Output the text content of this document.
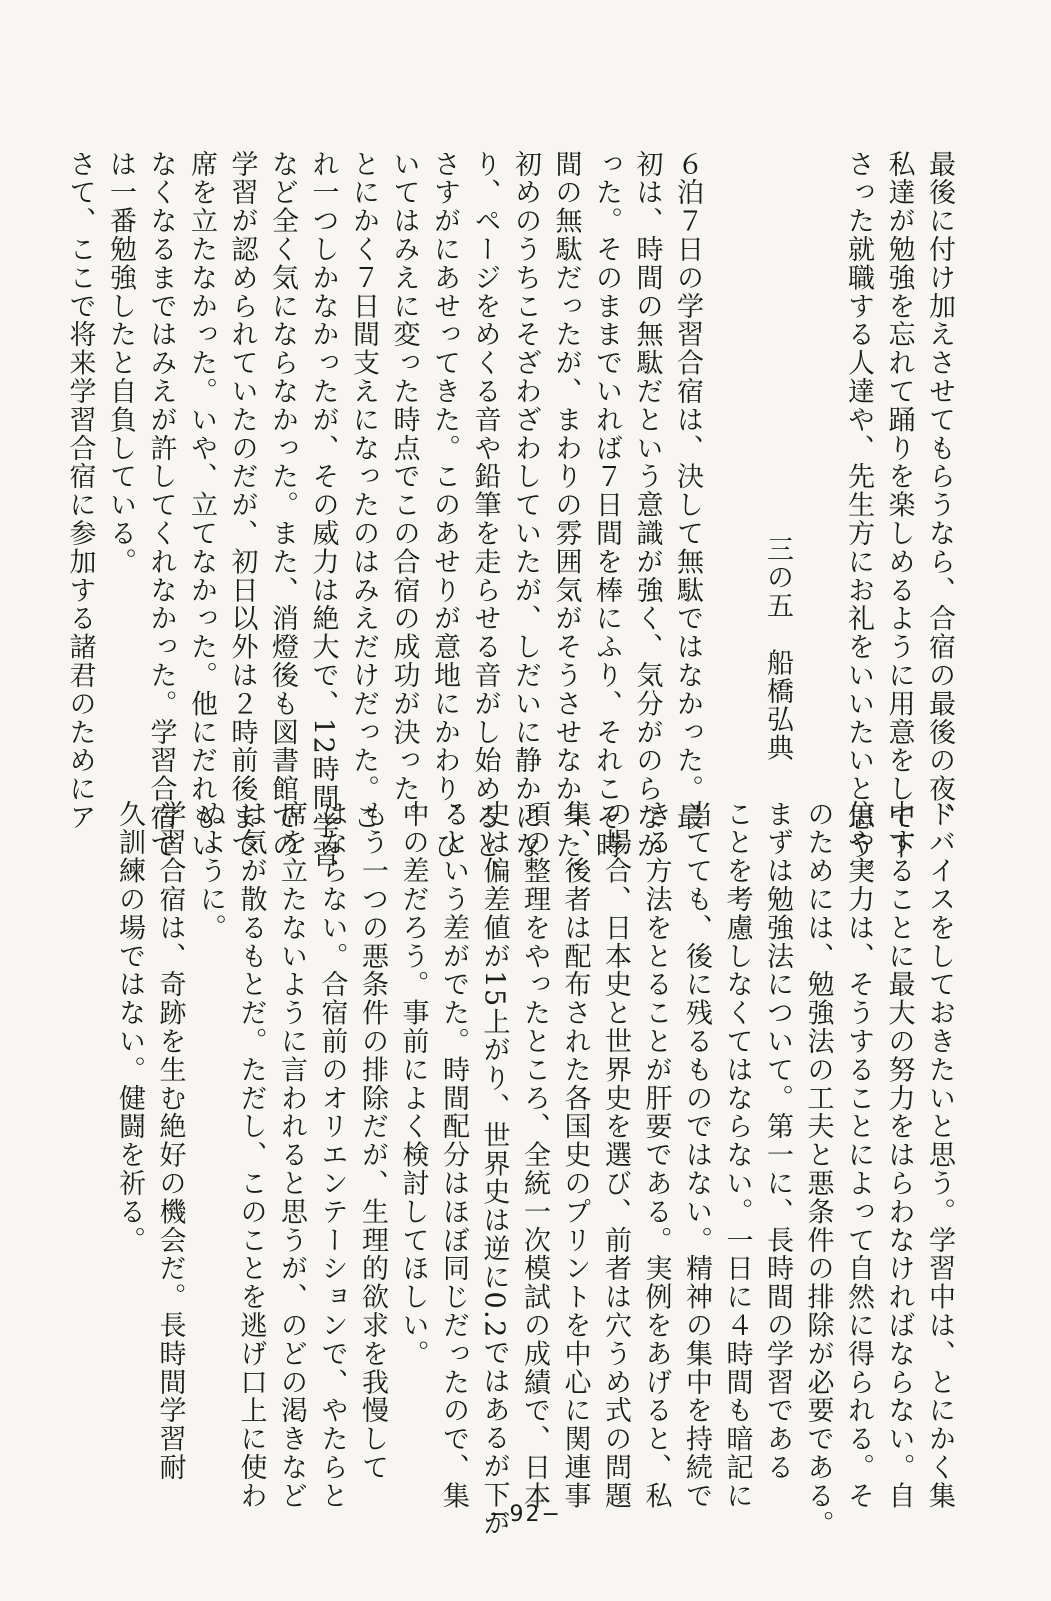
最後に付け加えさせてもらうなら、合宿の最後の夜、
私達が勉強を忘れて踊りを楽しめるように用意をして下
さった就職する人達や、先生方にお礼をいいたいと思う。

三の五　船橋弘典
６泊７日の学習合宿は、決して無駄ではなかった。最
初は、時間の無駄だという意識が強く、気分がのらなか
った。そのままでいれば７日間を棒にふり、それこそ時
間の無駄だったが、まわりの雰囲気がそうさせなかった。
初めのうちこそざわざわしていたが、しだいに静かにな
り、ページをめくる音や鉛筆を走らせる音がし始めると、
さすがにあせってきた。このあせりが意地にかわり、ひ
いてはみえに変った時点でこの合宿の成功が決った。
とにかく７日間支えになったのはみえだけだった。こ
れ一つしかなかったが、その威力は絶大で、12時間学習
など全く気にならなかった。また、消燈後も図書館での
学習が認められていたのだが、初日以外は２時前後まで
席を立たなかった。いや、立てなかった。他にだれもい
なくなるまではみえが許してくれなかった。学習合宿で
は一番勉強したと自負している。
さて、ここで将来学習合宿に参加する諸君のためにア
ドバイスをしておきたいと思う。学習中は、とにかく集
中することに最大の努力をはらわなければならない。自
信や実力は、そうすることによって自然に得られる。そ
のためには、勉強法の工夫と悪条件の排除が必要である。
まずは勉強法について。第一に、長時間の学習である
ことを考慮しなくてはならない。一日に４時間も暗記に
当てても、後に残るものではない。精神の集中を持続で
きる方法をとることが肝要である。実例をあげると、私
の場合、日本史と世界史を選び、前者は穴うめ式の問題
集、後者は配布された各国史のプリントを中心に関連事
項の整理をやったところ、全統一次模試の成績で、日本
史は偏差値が15上がり、世界史は逆に0.2ではあるが下が
るという差がでた。時間配分はほぼ同じだったので、集
中の差だろう。事前によく検討してほしい。
もう一つの悪条件の排除だが、生理的欲求を我慢して
はならない。合宿前のオリエンテーションで、やたらと
席を立たないように言われると思うが、のどの渇きなど
は気が散るもとだ。ただし、このことを逃げ口上に使わ
ぬように。
学習合宿は、奇跡を生む絶好の機会だ。長時間学習耐
久訓練の場ではない。健闘を祈る。
−92−
